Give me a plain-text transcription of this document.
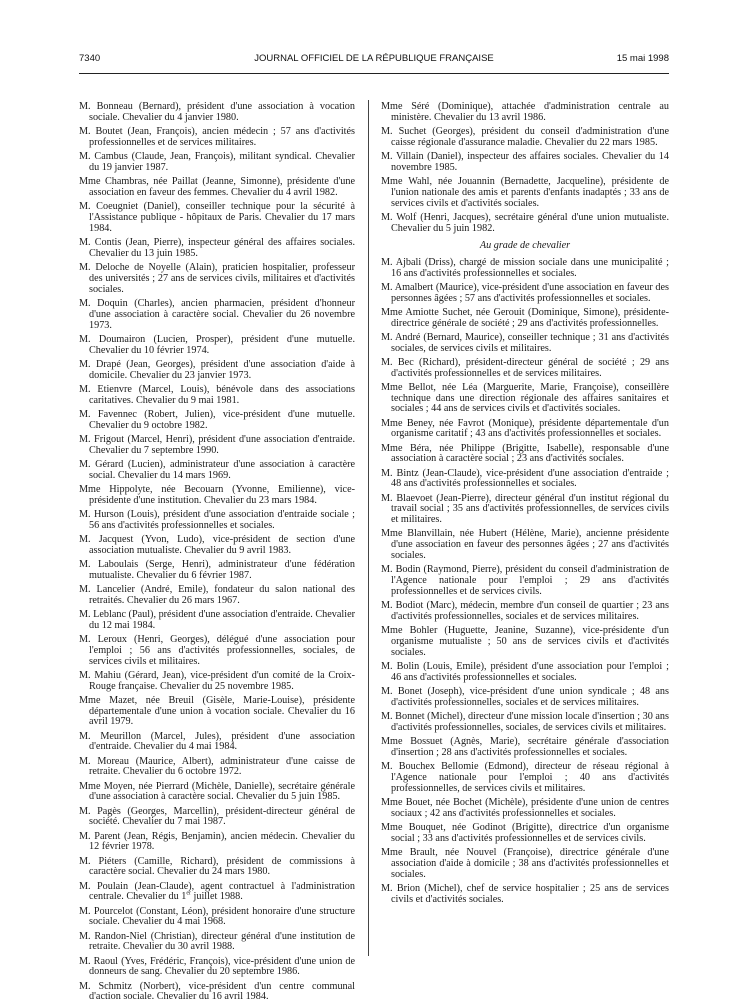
7340	JOURNAL OFFICIEL DE LA RÉPUBLIQUE FRANÇAISE	15 mai 1998

M. Bonneau (Bernard), président d'une association à vocation sociale. Chevalier du 4 janvier 1980.

M. Boutet (Jean, François), ancien médecin ; 57 ans d'activités professionnelles et de services militaires.

M. Cambus (Claude, Jean, François), militant syndical. Chevalier du 19 janvier 1987.

Mme Chambras, née Paillat (Jeanne, Simonne), présidente d'une association en faveur des femmes. Chevalier du 4 avril 1982.

M. Coeugniet (Daniel), conseiller technique pour la sécurité à l'Assistance publique - hôpitaux de Paris. Chevalier du 17 mars 1984.

M. Contis (Jean, Pierre), inspecteur général des affaires sociales. Chevalier du 13 juin 1985.

M. Deloche de Noyelle (Alain), praticien hospitalier, professeur des universités ; 27 ans de services civils, militaires et d'activités sociales.

M. Doquin (Charles), ancien pharmacien, président d'honneur d'une association à caractère social. Chevalier du 26 novembre 1973.

M. Doumairon (Lucien, Prosper), président d'une mutuelle. Chevalier du 10 février 1974.

M. Drapé (Jean, Georges), président d'une association d'aide à domicile. Chevalier du 23 janvier 1973.

M. Etienvre (Marcel, Louis), bénévole dans des associations caritatives. Chevalier du 9 mai 1981.

M. Favennec (Robert, Julien), vice-président d'une mutuelle. Chevalier du 9 octobre 1982.

M. Frigout (Marcel, Henri), président d'une association d'entraide. Chevalier du 7 septembre 1990.

M. Gérard (Lucien), administrateur d'une association à caractère social. Chevalier du 14 mars 1969.

Mme Hippolyte, née Becouarn (Yvonne, Emilienne), vice-présidente d'une institution. Chevalier du 23 mars 1984.

M. Hurson (Louis), président d'une association d'entraide sociale ; 56 ans d'activités professionnelles et sociales.

M. Jacquest (Yvon, Ludo), vice-président de section d'une association mutualiste. Chevalier du 9 avril 1983.

M. Laboulais (Serge, Henri), administrateur d'une fédération mutualiste. Chevalier du 6 février 1987.

M. Lancelier (André, Emile), fondateur du salon national des retraités. Chevalier du 26 mars 1967.

M. Leblanc (Paul), président d'une association d'entraide. Chevalier du 12 mai 1984.

M. Leroux (Henri, Georges), délégué d'une association pour l'emploi ; 56 ans d'activités professionnelles, sociales, de services civils et militaires.

M. Mahiu (Gérard, Jean), vice-président d'un comité de la Croix-Rouge française. Chevalier du 25 novembre 1985.

Mme Mazet, née Breuil (Gisèle, Marie-Louise), présidente départementale d'une union à vocation sociale. Chevalier du 16 avril 1979.

M. Meurillon (Marcel, Jules), président d'une association d'entraide. Chevalier du 4 mai 1984.

M. Moreau (Maurice, Albert), administrateur d'une caisse de retraite. Chevalier du 6 octobre 1972.

Mme Moyen, née Pierrard (Michèle, Danielle), secrétaire générale d'une association à caractère social. Chevalier du 5 juin 1985.

M. Pagès (Georges, Marcellin), président-directeur général de société. Chevalier du 7 mai 1987.

M. Parent (Jean, Régis, Benjamin), ancien médecin. Chevalier du 12 février 1978.

M. Piéters (Camille, Richard), président de commissions à caractère social. Chevalier du 24 mars 1980.

M. Poulain (Jean-Claude), agent contractuel à l'administration centrale. Chevalier du 1er juillet 1988.

M. Pourcelot (Constant, Léon), président honoraire d'une structure sociale. Chevalier du 4 mai 1968.

M. Randon-Niel (Christian), directeur général d'une institution de retraite. Chevalier du 30 avril 1988.

M. Raoul (Yves, Frédéric, François), vice-président d'une union de donneurs de sang. Chevalier du 20 septembre 1986.

M. Schmitz (Norbert), vice-président d'un centre communal d'action sociale. Chevalier du 16 avril 1984.

Mme Séré (Dominique), attachée d'administration centrale au ministère. Chevalier du 13 avril 1986.

M. Suchet (Georges), président du conseil d'administration d'une caisse régionale d'assurance maladie. Chevalier du 22 mars 1985.

M. Villain (Daniel), inspecteur des affaires sociales. Chevalier du 14 novembre 1985.

Mme Wahl, née Jouannin (Bernadette, Jacqueline), présidente de l'union nationale des amis et parents d'enfants inadaptés ; 33 ans de services civils et d'activités sociales.

M. Wolf (Henri, Jacques), secrétaire général d'une union mutualiste. Chevalier du 5 juin 1982.

Au grade de chevalier

M. Ajbali (Driss), chargé de mission sociale dans une municipalité ; 16 ans d'activités professionnelles et sociales.

M. Amalbert (Maurice), vice-président d'une association en faveur des personnes âgées ; 57 ans d'activités professionnelles et sociales.

Mme Amiotte Suchet, née Gerouit (Dominique, Simone), présidente-directrice générale de société ; 29 ans d'activités professionnelles.

M. André (Bernard, Maurice), conseiller technique ; 31 ans d'activités sociales, de services civils et militaires.

M. Bec (Richard), président-directeur général de société ; 29 ans d'activités professionnelles et de services militaires.

Mme Bellot, née Léa (Marguerite, Marie, Françoise), conseillère technique dans une direction régionale des affaires sanitaires et sociales ; 44 ans de services civils et d'activités sociales.

Mme Beney, née Favrot (Monique), présidente départementale d'un organisme caritatif ; 43 ans d'activités professionnelles et sociales.

Mme Béra, née Philippe (Brigitte, Isabelle), responsable d'une association à caractère social ; 23 ans d'activités sociales.

M. Bintz (Jean-Claude), vice-président d'une association d'entraide ; 48 ans d'activités professionnelles et sociales.

M. Blaevoet (Jean-Pierre), directeur général d'un institut régional du travail social ; 35 ans d'activités professionnelles, de services civils et militaires.

Mme Blanvillain, née Hubert (Hélène, Marie), ancienne présidente d'une association en faveur des personnes âgées ; 27 ans d'activités sociales.

M. Bodin (Raymond, Pierre), président du conseil d'administration de l'Agence nationale pour l'emploi ; 29 ans d'activités professionnelles et de services civils.

M. Bodiot (Marc), médecin, membre d'un conseil de quartier ; 23 ans d'activités professionnelles, sociales et de services militaires.

Mme Bohler (Huguette, Jeanine, Suzanne), vice-présidente d'un organisme mutualiste ; 50 ans de services civils et d'activités sociales.

M. Bolin (Louis, Emile), président d'une association pour l'emploi ; 46 ans d'activités professionnelles et sociales.

M. Bonet (Joseph), vice-président d'une union syndicale ; 48 ans d'activités professionnelles, sociales et de services militaires.

M. Bonnet (Michel), directeur d'une mission locale d'insertion ; 30 ans d'activités professionnelles, sociales, de services civils et militaires.

Mme Bossuet (Agnès, Marie), secrétaire générale d'association d'insertion ; 28 ans d'activités professionnelles et sociales.

M. Bouchex Bellomie (Edmond), directeur de réseau régional à l'Agence nationale pour l'emploi ; 40 ans d'activités professionnelles, de services civils et militaires.

Mme Bouet, née Bochet (Michèle), présidente d'une union de centres sociaux ; 42 ans d'activités professionnelles et sociales.

Mme Bouquet, née Godinot (Brigitte), directrice d'un organisme social ; 33 ans d'activités professionnelles et de services civils.

Mme Brault, née Nouvel (Françoise), directrice générale d'une association d'aide à domicile ; 38 ans d'activités professionnelles et sociales.

M. Brion (Michel), chef de service hospitalier ; 25 ans de services civils et d'activités sociales.
